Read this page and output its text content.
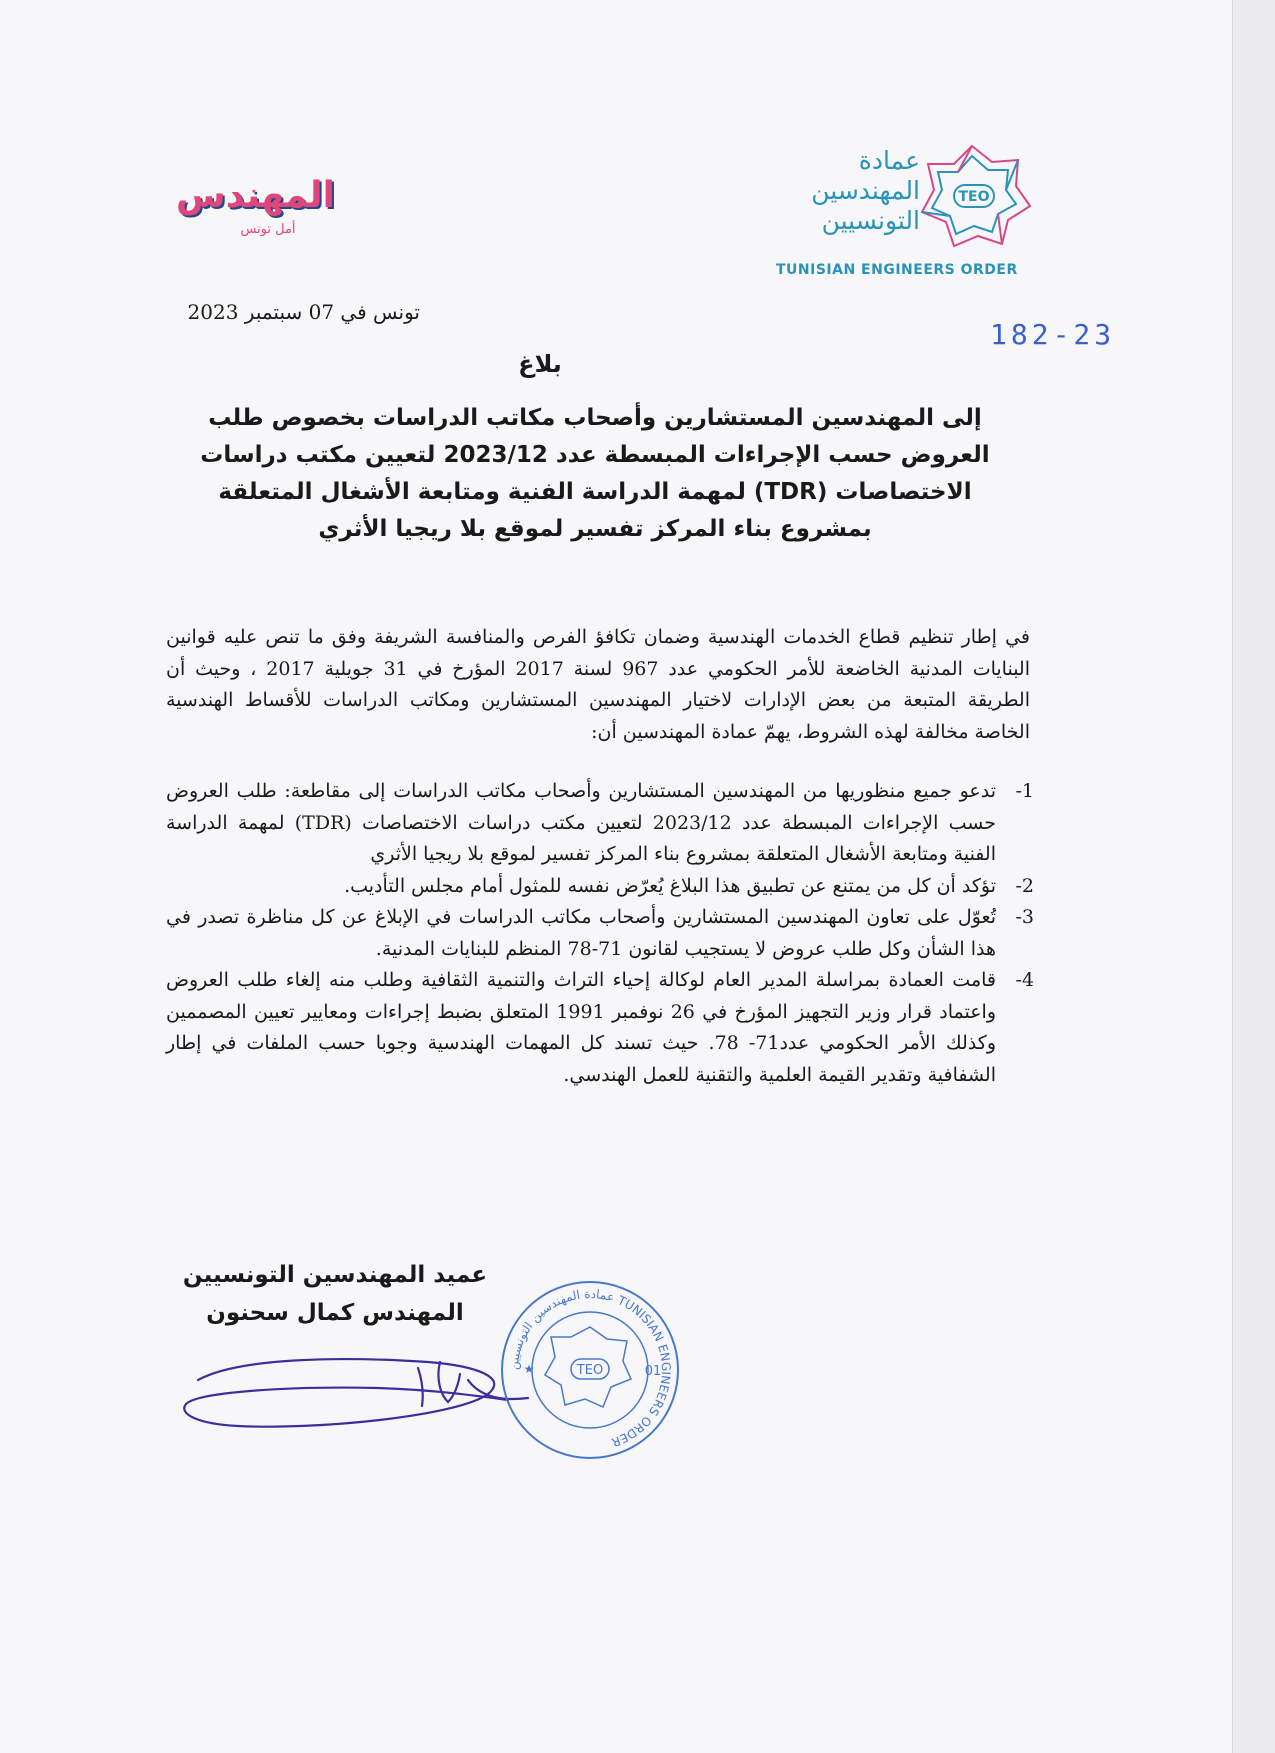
عمادة
المهندسين
التونسيين
TEO
TUNISIAN ENGINEERS ORDER
المهندس
أمل تونس
182-23
تونس في 07 سبتمبر 2023
بلاغ
إلى المهندسين المستشارين وأصحاب مكاتب الدراسات بخصوص طلب العروض حسب الإجراءات المبسطة عدد 2023/12 لتعيين مكتب دراسات الاختصاصات (TDR) لمهمة الدراسة الفنية ومتابعة الأشغال المتعلقة بمشروع بناء المركز تفسير لموقع بلا ريجيا الأثري
في إطار تنظيم قطاع الخدمات الهندسية وضمان تكافؤ الفرص والمنافسة الشريفة وفق ما تنص عليه قوانين البنايات المدنية الخاضعة للأمر الحكومي عدد 967 لسنة 2017 المؤرخ في 31 جويلية 2017 ، وحيث أن الطريقة المتبعة من بعض الإدارات لاختيار المهندسين المستشارين ومكاتب الدراسات للأقساط الهندسية الخاصة مخالفة لهذه الشروط، يهمّ عمادة المهندسين أن:
1-
تدعو جميع منظوريها من المهندسين المستشارين وأصحاب مكاتب الدراسات إلى مقاطعة: طلب العروض حسب الإجراءات المبسطة عدد 2023/12 لتعيين مكتب دراسات الاختصاصات (TDR) لمهمة الدراسة الفنية ومتابعة الأشغال المتعلقة بمشروع بناء المركز تفسير لموقع بلا ريجيا الأثري
2-
تؤكد أن كل من يمتنع عن تطبيق هذا البلاغ يُعرّض نفسه للمثول أمام مجلس التأديب.
3-
تُعوّل على تعاون المهندسين المستشارين وأصحاب مكاتب الدراسات في الإبلاغ عن كل مناظرة تصدر في هذا الشأن وكل طلب عروض لا يستجيب لقانون 71-78 المنظم للبنايات المدنية.
4-
قامت العمادة بمراسلة المدير العام لوكالة إحياء التراث والتنمية الثقافية وطلب منه إلغاء طلب العروض واعتماد قرار وزير التجهيز المؤرخ في 26 نوفمبر 1991 المتعلق بضبط إجراءات ومعايير تعيين المصممين وكذلك الأمر الحكومي عدد71- 78. حيث تسند كل المهمات الهندسية وجوبا حسب الملفات في إطار الشفافية وتقدير القيمة العلمية والتقنية للعمل الهندسي.
عميد المهندسين التونسيين
المهندس كمال سحنون
عمادة المهندسين التونسيين TUNISIAN ENGINEERS ORDER
TEO	01
★
